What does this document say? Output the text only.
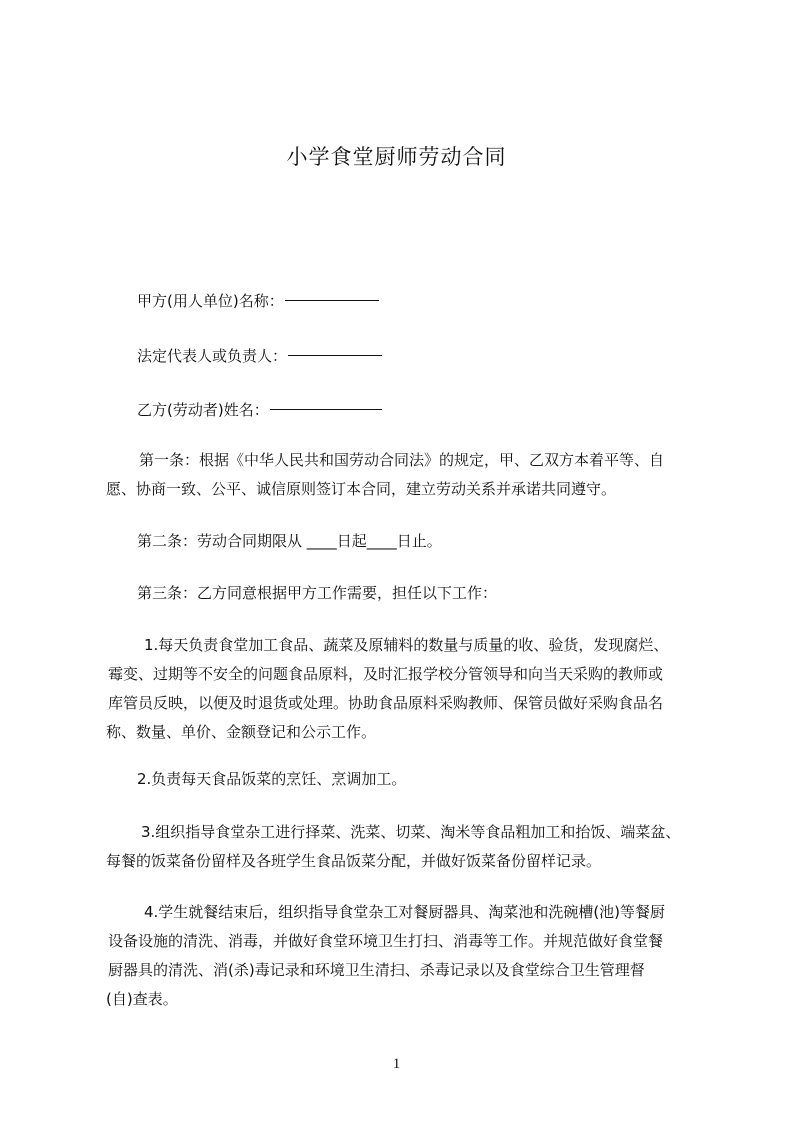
小学食堂厨师劳动合同
甲方(用人单位)名称：
法定代表人或负责人：
乙方(劳动者)姓名：
第一条：根据《中华人民共和国劳动合同法》的规定，甲、乙双方本着平等、自
愿、协商一致、公平、诚信原则签订本合同，建立劳动关系并承诺共同遵守。
第二条：劳动合同期限从 ____日起____日止。
第三条：乙方同意根据甲方工作需要，担任以下工作：
1.每天负责食堂加工食品、蔬菜及原辅料的数量与质量的收、验货，发现腐烂、
霉变、过期等不安全的问题食品原料，及时汇报学校分管领导和向当天采购的教师或
库管员反映，以便及时退货或处理。协助食品原料采购教师、保管员做好采购食品名
称、数量、单价、金额登记和公示工作。
2.负责每天食品饭菜的烹饪、烹调加工。
3.组织指导食堂杂工进行择菜、洗菜、切菜、淘米等食品粗加工和抬饭、端菜盆、
每餐的饭菜备份留样及各班学生食品饭菜分配，并做好饭菜备份留样记录。
4.学生就餐结束后，组织指导食堂杂工对餐厨器具、淘菜池和洗碗槽(池)等餐厨
设备设施的清洗、消毒，并做好食堂环境卫生打扫、消毒等工作。并规范做好食堂餐
厨器具的清洗、消(杀)毒记录和环境卫生清扫、杀毒记录以及食堂综合卫生管理督
(自)查表。
1
